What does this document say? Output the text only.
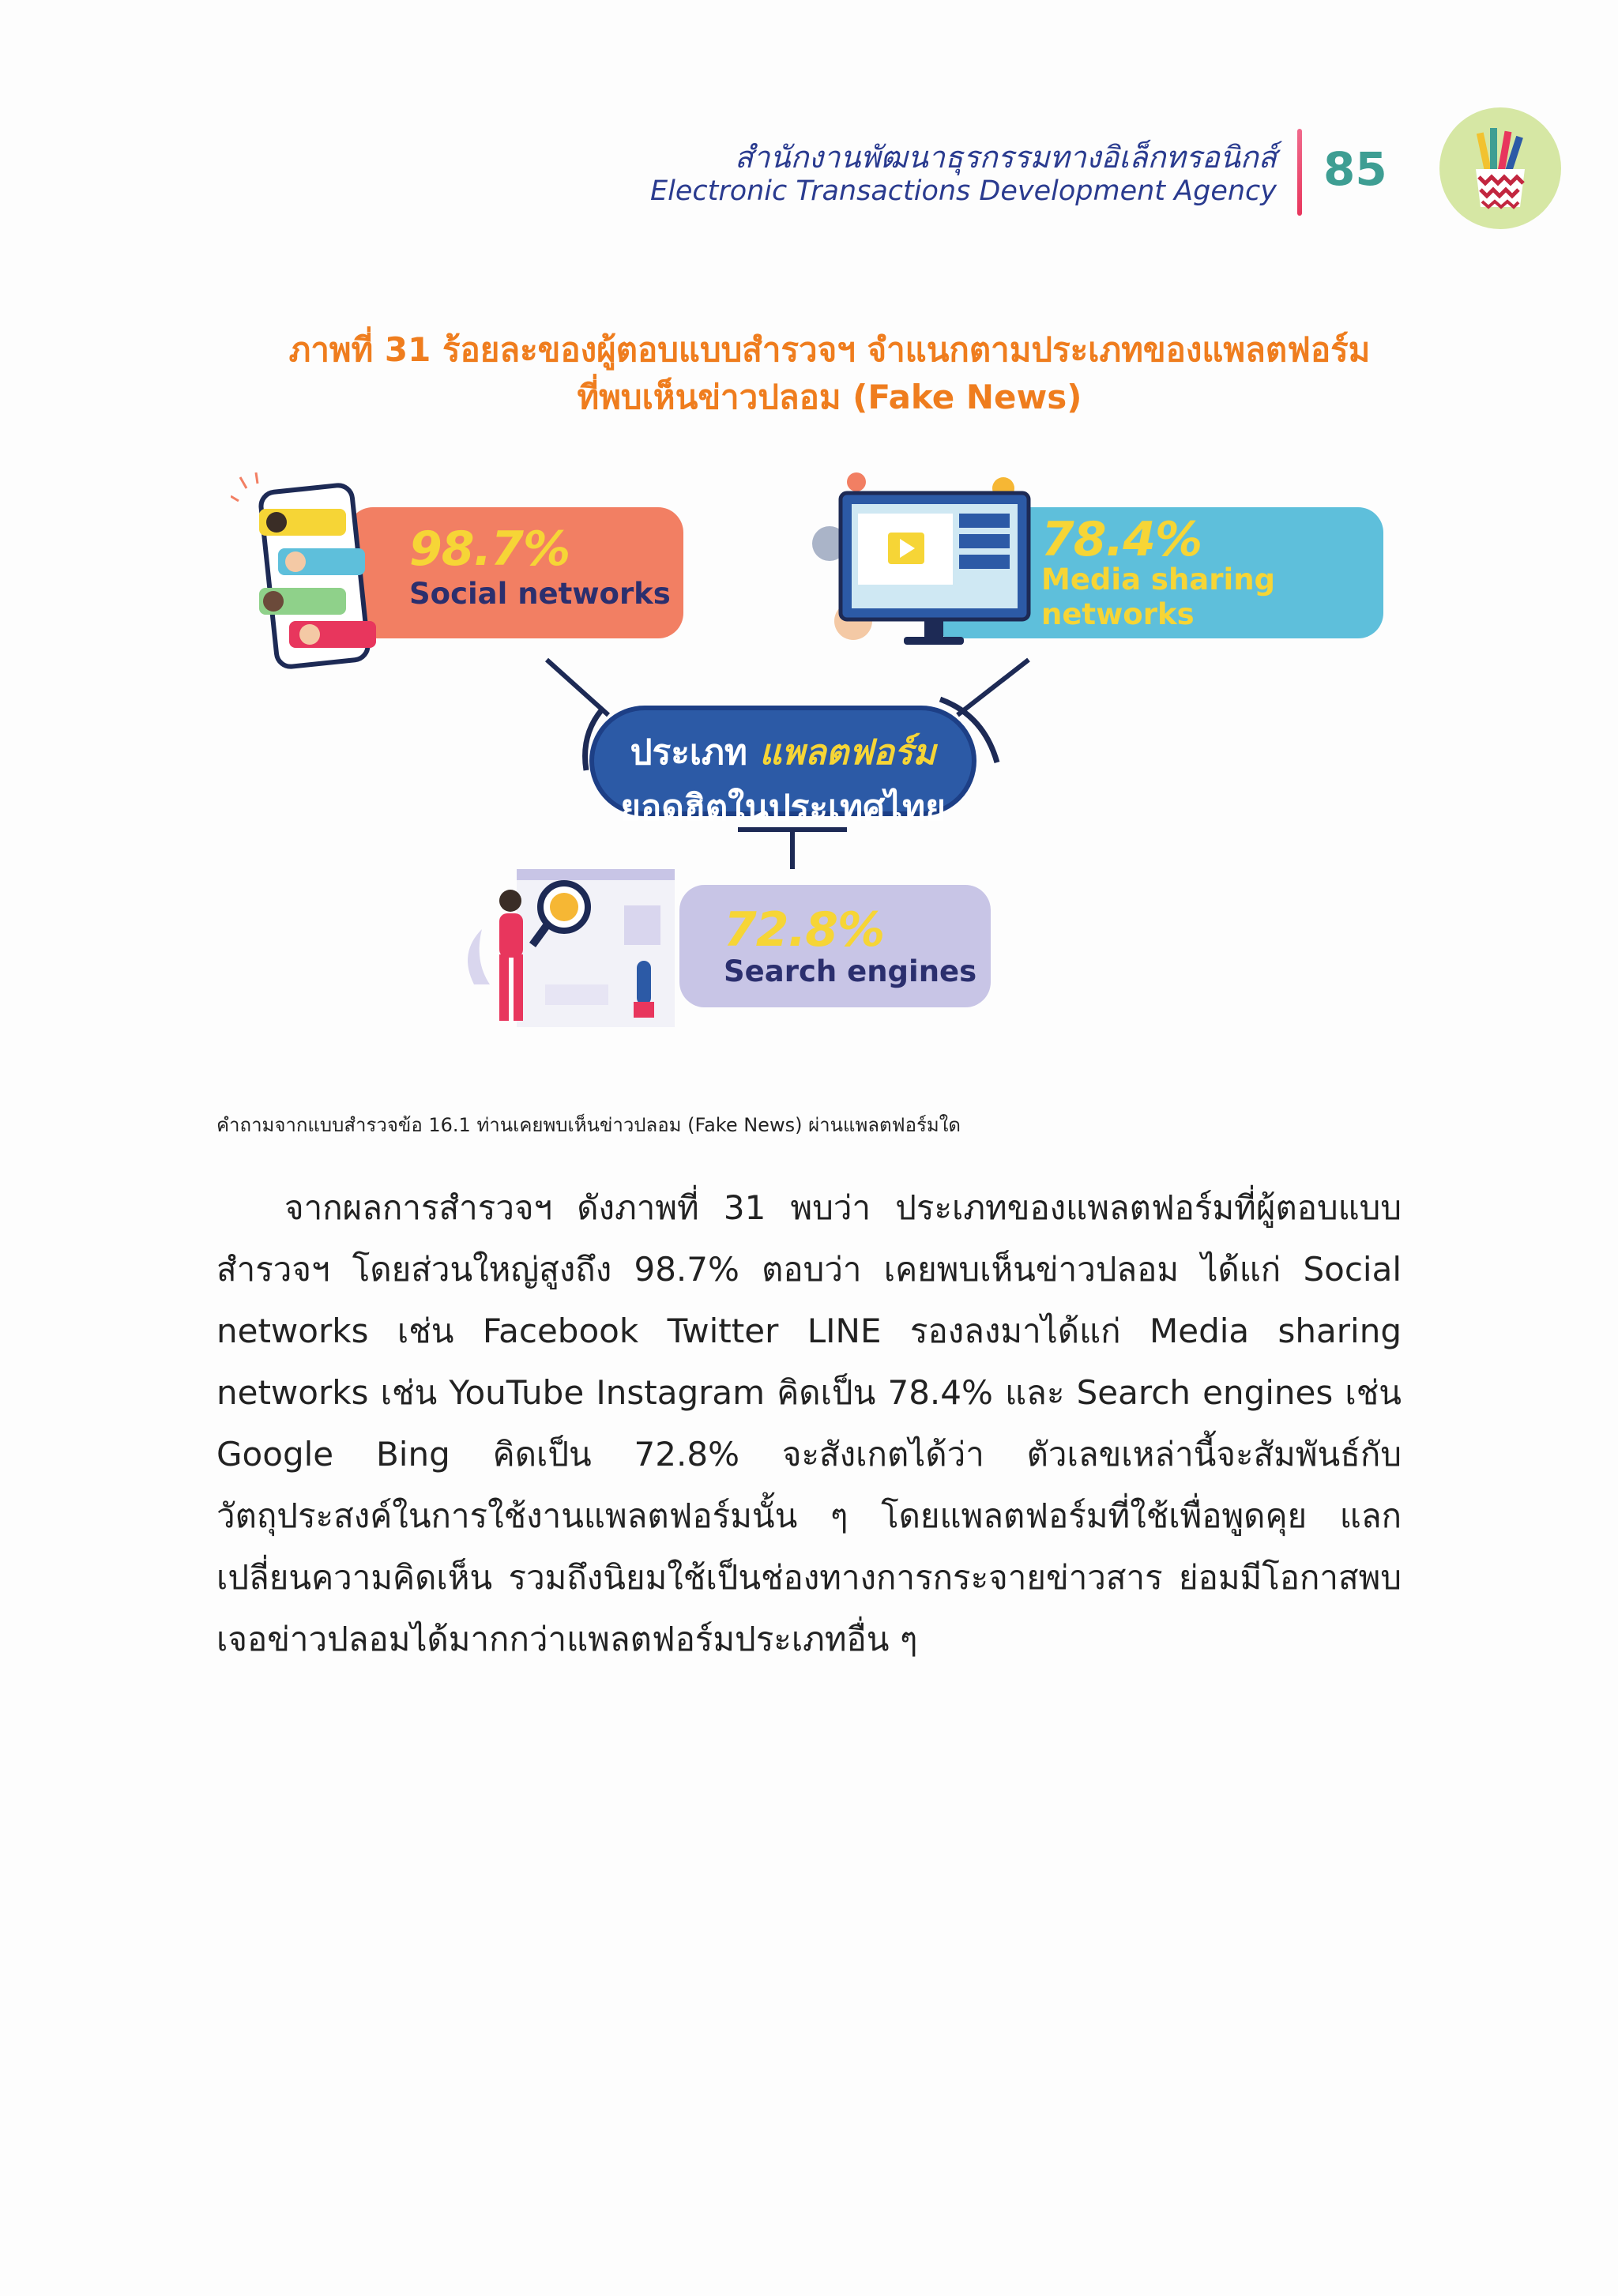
สำนักงานพัฒนาธุรกรรมทางอิเล็กทรอนิกส์
Electronic Transactions Development Agency 85
ภาพที่ 31 ร้อยละของผู้ตอบแบบสำรวจฯ จำแนกตามประเภทของแพลตฟอร์ม
ที่พบเห็นข่าวปลอม (Fake News)
98.7%
Social networks
78.4%
Media sharing
networks
ประเภท แพลตฟอร์ม
ยอดฮิตในประเทศไทย
72.8%
Search engines
คำถามจากแบบสำรวจข้อ 16.1 ท่านเคยพบเห็นข่าวปลอม (Fake News) ผ่านแพลตฟอร์มใด
จากผลการสำรวจฯ ดังภาพที่ 31 พบว่า ประเภทของแพลตฟอร์มที่ผู้ตอบแบบสำรวจฯ โดยส่วนใหญ่สูงถึง 98.7% ตอบว่า เคยพบเห็นข่าวปลอม ได้แก่ Social networks เช่น Facebook Twitter LINE รองลงมาได้แก่ Media sharing networks เช่น YouTube Instagram คิดเป็น 78.4% และ Search engines เช่น Google Bing คิดเป็น 72.8% จะสังเกตได้ว่า ตัวเลขเหล่านี้จะสัมพันธ์กับวัตถุประสงค์ในการใช้งานแพลตฟอร์มนั้น ๆ โดยแพลตฟอร์มที่ใช้เพื่อพูดคุย แลกเปลี่ยนความคิดเห็น รวมถึงนิยมใช้เป็นช่องทางการกระจายข่าวสาร ย่อมมีโอกาสพบเจอข่าวปลอมได้มากกว่าแพลตฟอร์มประเภทอื่น ๆ
